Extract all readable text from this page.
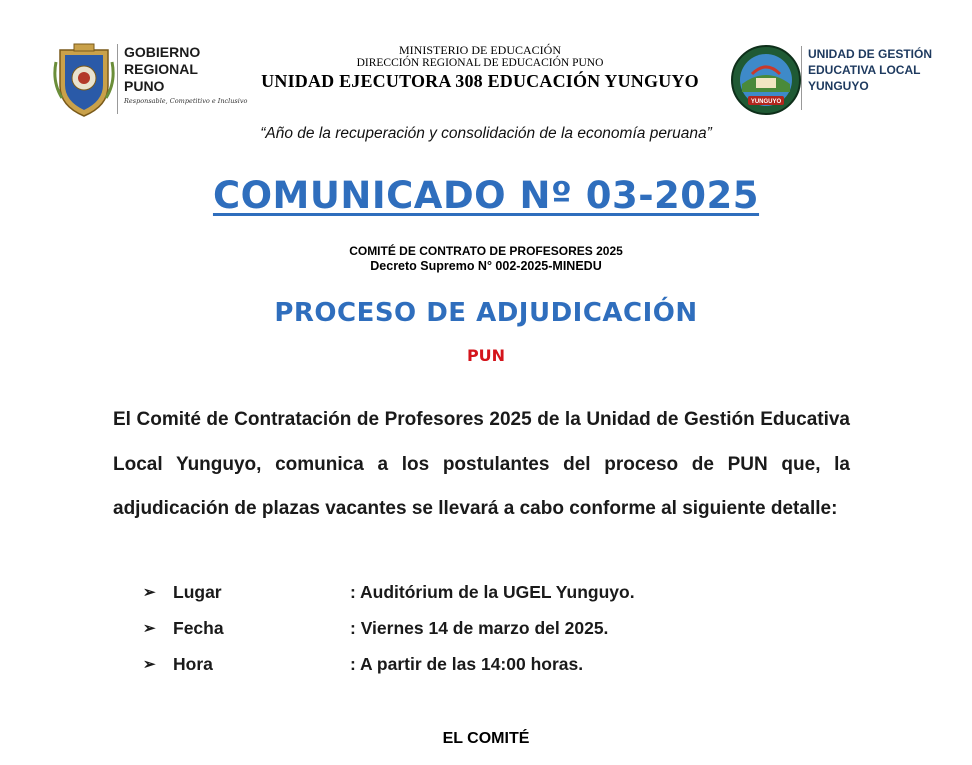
GOBIERNO
REGIONAL
PUNO
Responsable, Competitivo e Inclusivo
MINISTERIO DE EDUCACIÓN
DIRECCIÓN REGIONAL DE EDUCACIÓN PUNO
UNIDAD EJECUTORA 308 EDUCACIÓN YUNGUYO
YUNGUYO
UNIDAD DE GESTIÓN
EDUCATIVA LOCAL
YUNGUYO
“Año de la recuperación y consolidación de la economía peruana”
COMUNICADO Nº 03-2025
COMITÉ DE CONTRATO DE PROFESORES 2025
Decreto Supremo N° 002-2025-MINEDU
PROCESO DE ADJUDICACIÓN
PUN
El Comité de Contratación de Profesores 2025 de la Unidad de Gestión Educativa Local Yunguyo, comunica a los postulantes del proceso de PUN que, la adjudicación de plazas vacantes se llevará a cabo conforme al siguiente detalle:
➢ Lugar	: Auditórium de la UGEL Yunguyo.
➢ Fecha	: Viernes 14 de marzo del 2025.
➢ Hora	: A partir de las 14:00 horas.
EL COMITÉ
